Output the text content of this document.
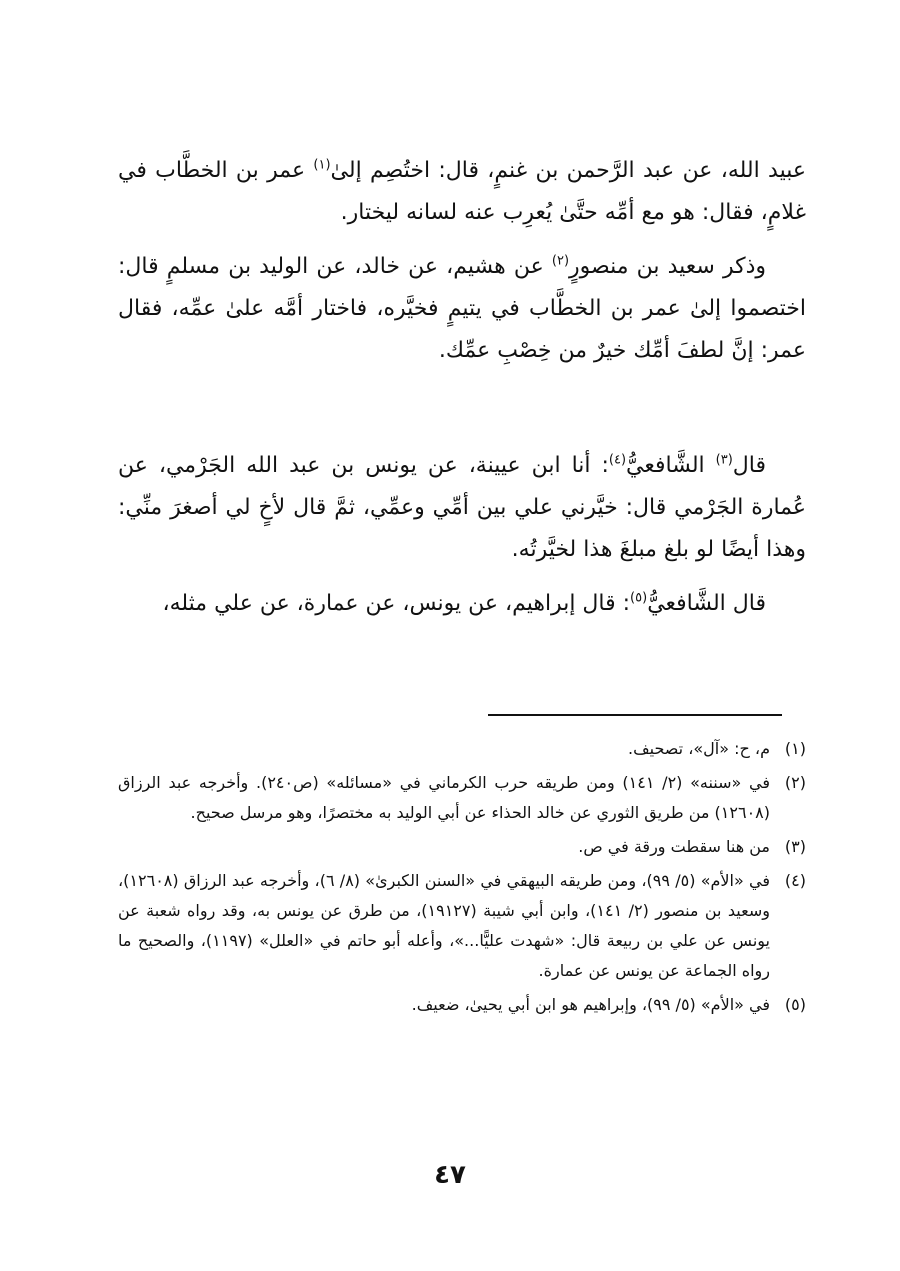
عبيد الله، عن عبد الرَّحمن بن غنمٍ، قال: اختُصِم إلىٰ$^{(١)}$ عمر بن الخطَّاب في غلامٍ، فقال: هو مع أمِّه حتَّىٰ يُعرِب عنه لسانه ليختار.

وذكر سعيد بن منصورٍ$^{(٢)}$ عن هشيم، عن خالد، عن الوليد بن مسلمٍ قال: اختصموا إلىٰ عمر بن الخطَّاب في يتيمٍ فخيَّره، فاختار أمَّه علىٰ عمِّه، فقال عمر: إنَّ لطفَ أمِّك خيرٌ من خِصْبِ عمِّك.

قال$^{(٣)}$ الشَّافعيُّ$^{(٤)}$: أنا ابن عيينة، عن يونس بن عبد الله الجَرْمي، عن عُمارة الجَرْمي قال: خيَّرني علي بين أمِّي وعمِّي، ثمَّ قال لأخٍ لي أصغرَ منِّي: وهذا أيضًا لو بلغ مبلغَ هذا لخيَّرتُه.

قال الشَّافعيُّ$^{(٥)}$: قال إبراهيم، عن يونس، عن عمارة، عن علي مثله،

(١)
م، ح: «آل»، تصحيف.
(٢)
في «سننه» (٢/ ١٤١) ومن طريقه حرب الكرماني في «مسائله» (ص٢٤٠). وأخرجه عبد الرزاق (١٢٦٠٨) من طريق الثوري عن خالد الحذاء عن أبي الوليد به مختصرًا، وهو مرسل صحيح.
(٣)
من هنا سقطت ورقة في ص.
(٤)
في «الأم» (٥/ ٩٩)، ومن طريقه البيهقي في «السنن الكبرىٰ» (٨/ ٦)، وأخرجه عبد الرزاق (١٢٦٠٨)، وسعيد بن منصور (٢/ ١٤١)، وابن أبي شيبة (١٩١٢٧)، من طرق عن يونس به، وقد رواه شعبة عن يونس عن علي بن ربيعة قال: «شهدت عليًّا...»، وأعله أبو حاتم في «العلل» (١١٩٧)، والصحيح ما رواه الجماعة عن يونس عن عمارة.
(٥)
في «الأم» (٥/ ٩٩)، وإبراهيم هو ابن أبي يحيىٰ، ضعيف.
٤٧
